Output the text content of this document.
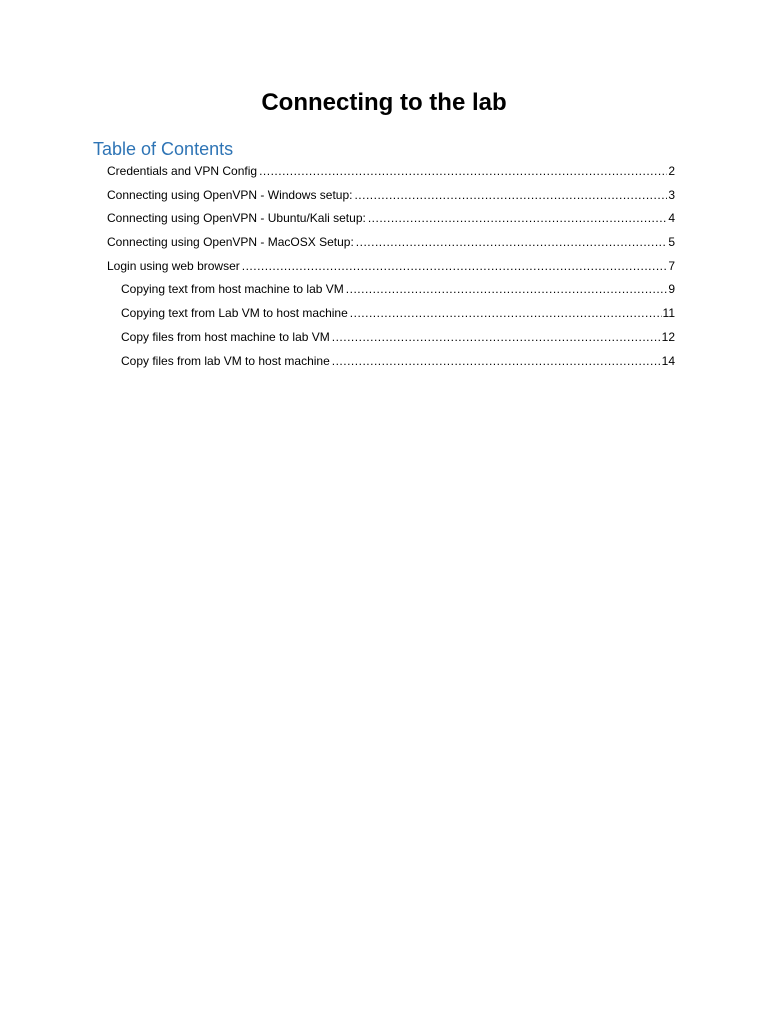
Connecting to the lab
Table of Contents
Credentials and VPN Config .....	2
Connecting using OpenVPN - Windows setup: .....	3
Connecting using OpenVPN - Ubuntu/Kali setup: .....	4
Connecting using OpenVPN - MacOSX Setup: .....	5
Login using web browser .....	7
Copying text from host machine to lab VM .....	9
Copying text from Lab VM to host machine .....	11
Copy files from host machine to lab VM .....	12
Copy files from lab VM to host machine .....	14
